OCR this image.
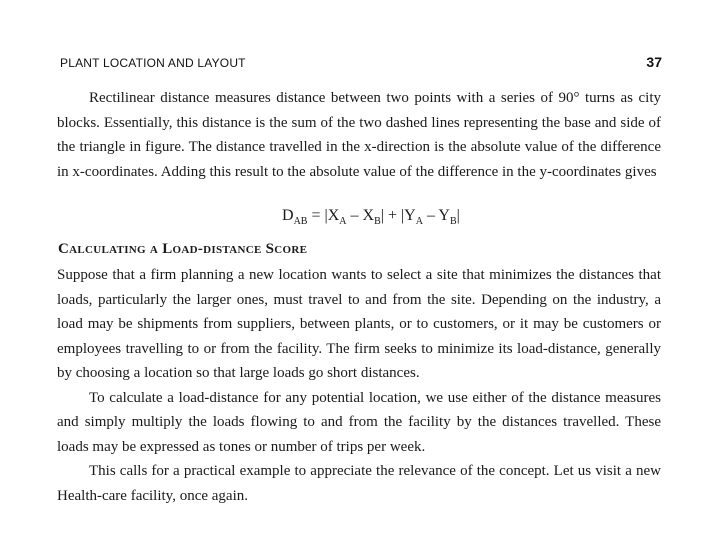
PLANT LOCATION AND LAYOUT	37

Rectilinear distance measures distance between two points with a series of 90° turns as city blocks. Essentially, this distance is the sum of the two dashed lines representing the base and side of the triangle in figure. The distance travelled in the x-direction is the absolute value of the difference in x-coordinates. Adding this result to the absolute value of the difference in the y-coordinates gives

$D_{AB} = |X_A - X_B| + |Y_A - Y_B|$
Calculating a Load-distance Score

Suppose that a firm planning a new location wants to select a site that minimizes the distances that loads, particularly the larger ones, must travel to and from the site. Depending on the industry, a load may be shipments from suppliers, between plants, or to customers, or it may be customers or employees travelling to or from the facility. The firm seeks to minimize its load-distance, generally by choosing a location so that large loads go short distances.

To calculate a load-distance for any potential location, we use either of the distance measures and simply multiply the loads flowing to and from the facility by the distances travelled. These loads may be expressed as tones or number of trips per week.

This calls for a practical example to appreciate the relevance of the concept. Let us visit a new Health-care facility, once again.
